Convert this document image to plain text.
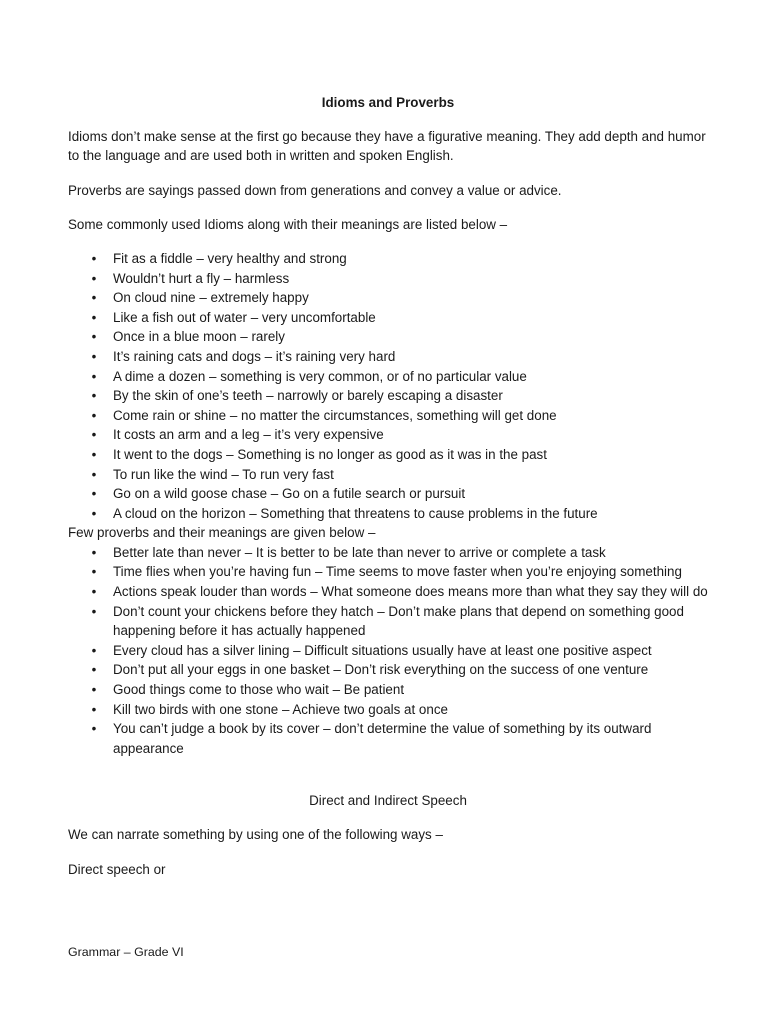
Idioms and Proverbs

Idioms don’t make sense at the first go because they have a figurative meaning. They add depth and humor to the language and are used both in written and spoken English.

Proverbs are sayings passed down from generations and convey a value or advice.

Some commonly used Idioms along with their meanings are listed below –

• Fit as a fiddle – very healthy and strong
• Wouldn’t hurt a fly – harmless
• On cloud nine – extremely happy
• Like a fish out of water – very uncomfortable
• Once in a blue moon – rarely
• It’s raining cats and dogs – it’s raining very hard
• A dime a dozen – something is very common, or of no particular value
• By the skin of one’s teeth – narrowly or barely escaping a disaster
• Come rain or shine – no matter the circumstances, something will get done
• It costs an arm and a leg – it’s very expensive
• It went to the dogs – Something is no longer as good as it was in the past
• To run like the wind – To run very fast
• Go on a wild goose chase – Go on a futile search or pursuit
• A cloud on the horizon – Something that threatens to cause problems in the future

Few proverbs and their meanings are given below –

• Better late than never – It is better to be late than never to arrive or complete a task
• Time flies when you’re having fun – Time seems to move faster when you’re enjoying something
• Actions speak louder than words – What someone does means more than what they say they will do
• Don’t count your chickens before they hatch – Don’t make plans that depend on something good happening before it has actually happened
• Every cloud has a silver lining – Difficult situations usually have at least one positive aspect
• Don’t put all your eggs in one basket – Don’t risk everything on the success of one venture
• Good things come to those who wait – Be patient
• Kill two birds with one stone – Achieve two goals at once
• You can’t judge a book by its cover – don’t determine the value of something by its outward appearance
Direct and Indirect Speech

We can narrate something by using one of the following ways –

Direct speech or

Grammar – Grade VI
